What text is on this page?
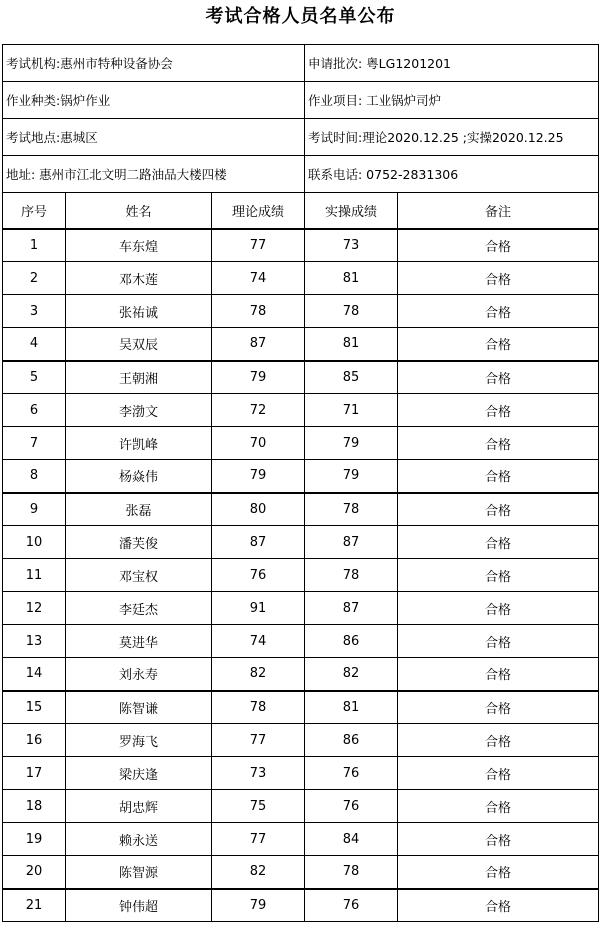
考试合格人员名单公布
考试机构:惠州市特种设备协会			申请批次: 粤LG1201201	
作业种类:锅炉作业			作业项目: 工业锅炉司炉	
考试地点:惠城区			考试时间:理论2020.12.25 ;实操2020.12.25	
地址: 惠州市江北文明二路油品大楼四楼			联系电话: 0752-2831306	
序号	姓名	理论成绩	实操成绩	备注
1	车东煌	77	73	合格
2	邓木莲	74	81	合格
3	张祐诚	78	78	合格
4	吴双辰	87	81	合格
5	王朝湘	79	85	合格
6	李渤文	72	71	合格
7	许凯峰	70	79	合格
8	杨焱伟	79	79	合格
9	张磊	80	78	合格
10	潘芙俊	87	87	合格
11	邓宝权	76	78	合格
12	李廷杰	91	87	合格
13	莫进华	74	86	合格
14	刘永寿	82	82	合格
15	陈智谦	78	81	合格
16	罗海飞	77	86	合格
17	梁庆逢	73	76	合格
18	胡忠辉	75	76	合格
19	赖永送	77	84	合格
20	陈智源	82	78	合格
21	钟伟超	79	76	合格
